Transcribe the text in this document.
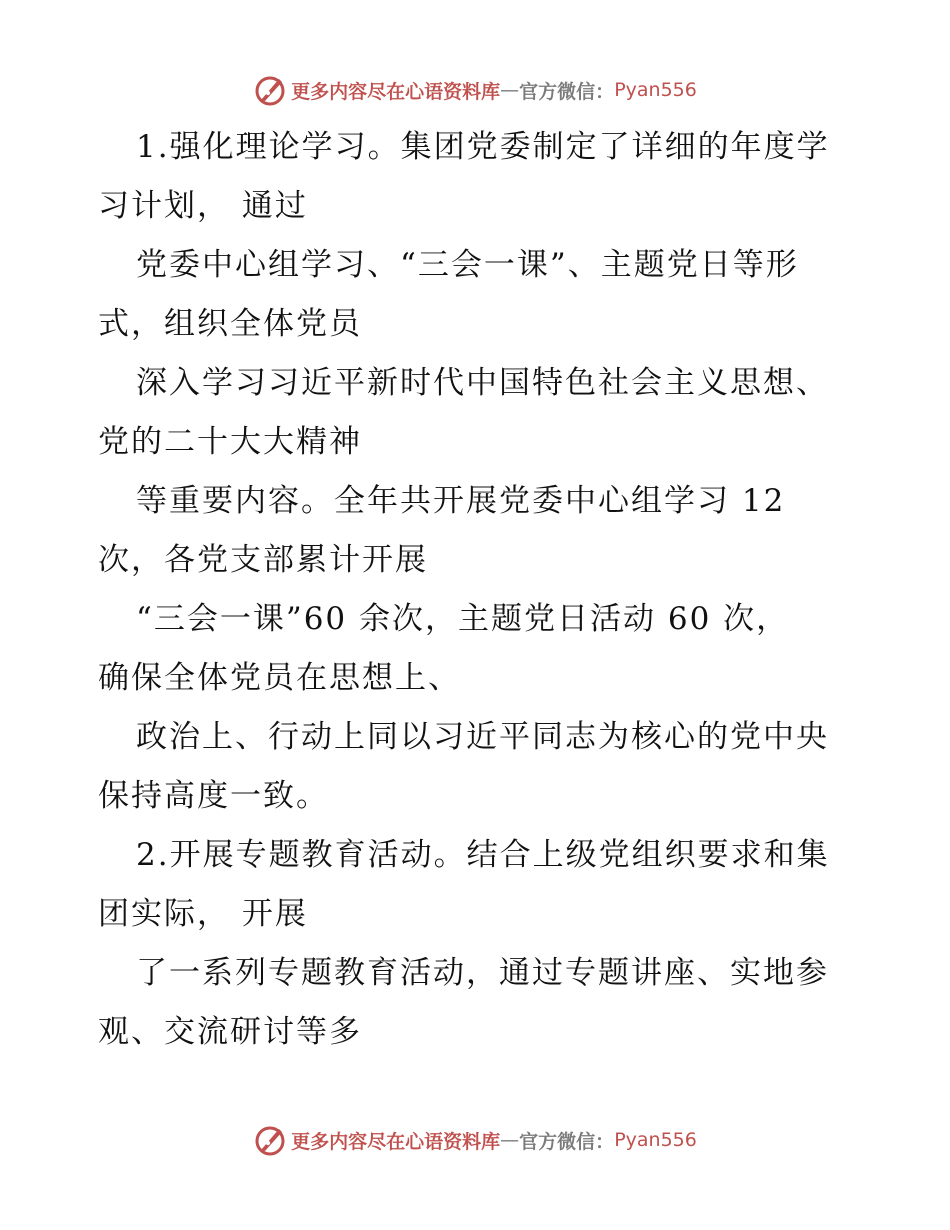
更多内容尽在心语资料库 — 官方微信： Pyan556
1.强化理论学习。集团党委制定了详细的年度学
习计划， 通过
党委中心组学习、“三会一课”、主题党日等形
式，组织全体党员
深入学习习近平新时代中国特色社会主义思想、
党的二十大大精神
等重要内容。全年共开展党委中心组学习 12
次，各党支部累计开展
“三会一课”60 余次，主题党日活动 60 次，
确保全体党员在思想上、
政治上、行动上同以习近平同志为核心的党中央
保持高度一致。
2.开展专题教育活动。结合上级党组织要求和集
团实际， 开展
了一系列专题教育活动，通过专题讲座、实地参
观、交流研讨等多
更多内容尽在心语资料库 — 官方微信： Pyan556
